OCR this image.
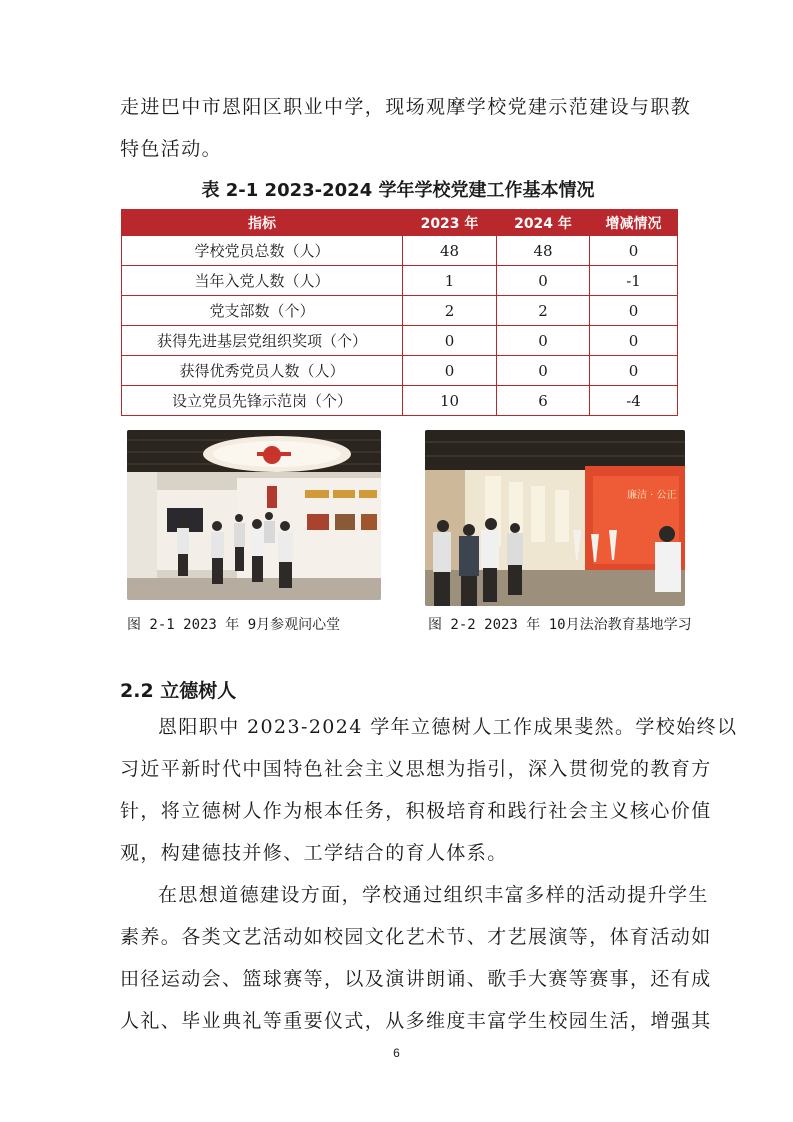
走进巴中市恩阳区职业中学，现场观摩学校党建示范建设与职教
特色活动。

表 2-1 2023-2024 学年学校党建工作基本情况

指标	2023 年	2024 年	增减情况
学校党员总数（人）	48	48	0
当年入党人数（人）	1	0	-1
党支部数（个）	2	2	0
获得先进基层党组织奖项（个）	0	0	0
获得优秀党员人数（人）	0	0	0
设立党员先锋示范岗（个）	10	6	-4
廉洁 · 公正

图 2-1 2023 年 9月参观问心堂	图 2-2 2023 年 10月法治教育基地学习

2.2 立德树人

恩阳职中 2023-2024 学年立德树人工作成果斐然。学校始终以
习近平新时代中国特色社会主义思想为指引，深入贯彻党的教育方
针，将立德树人作为根本任务，积极培育和践行社会主义核心价值
观，构建德技并修、工学结合的育人体系。

在思想道德建设方面，学校通过组织丰富多样的活动提升学生
素养。各类文艺活动如校园文化艺术节、才艺展演等，体育活动如
田径运动会、篮球赛等，以及演讲朗诵、歌手大赛等赛事，还有成
人礼、毕业典礼等重要仪式，从多维度丰富学生校园生活，增强其

6
